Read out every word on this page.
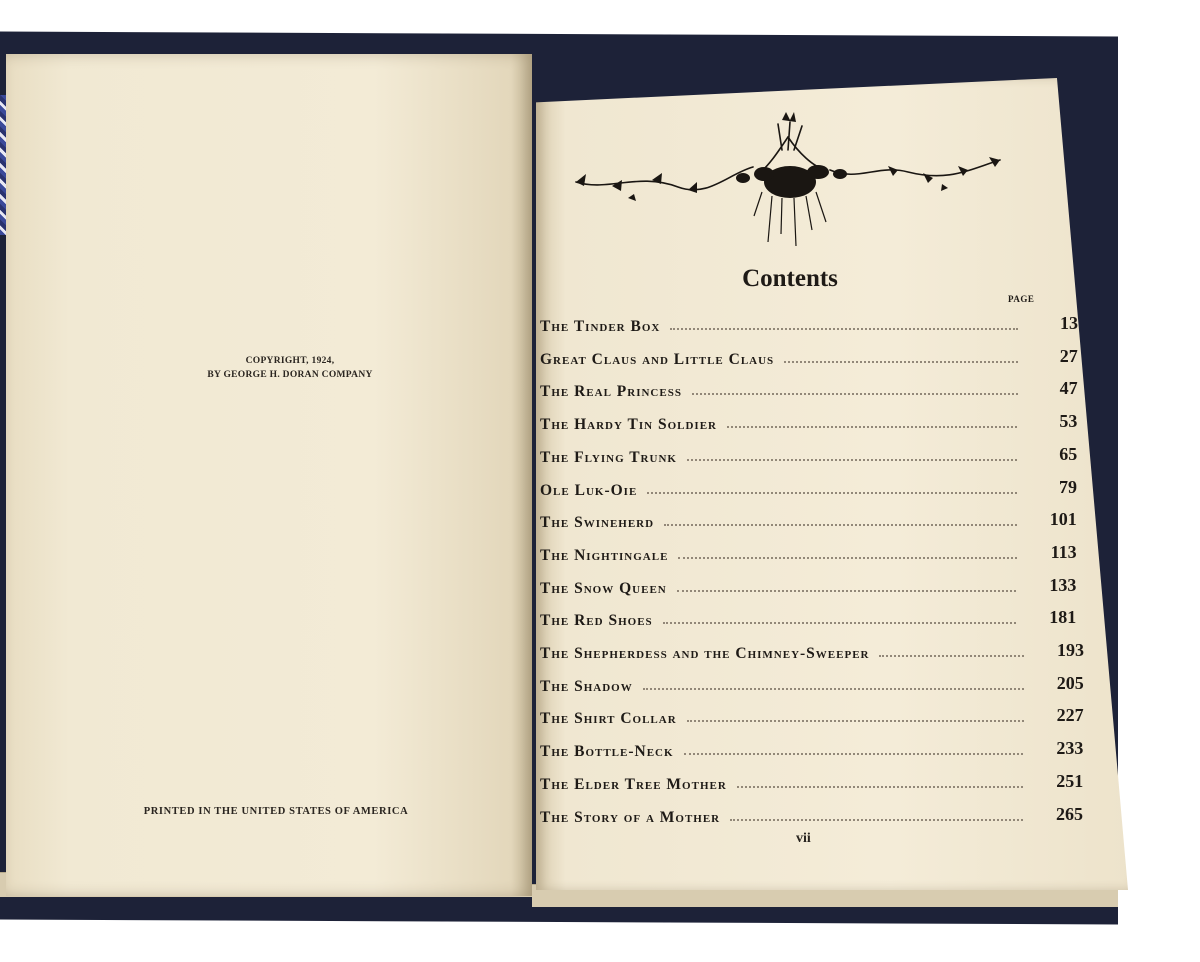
COPYRIGHT, 1924,
BY GEORGE H. DORAN COMPANY
PRINTED IN THE UNITED STATES OF AMERICA
Contents
PAGE
The Tinder Box	13
Great Claus and Little Claus	27
The Real Princess	47
The Hardy Tin Soldier	53
The Flying Trunk	65
Ole Luk-Oie	79
The Swineherd	101
The Nightingale	113
The Snow Queen	133
The Red Shoes	181
The Shepherdess and the Chimney-Sweeper	193
The Shadow	205
The Shirt Collar	227
The Bottle-Neck	233
The Elder Tree Mother	251
The Story of a Mother	265
vii
